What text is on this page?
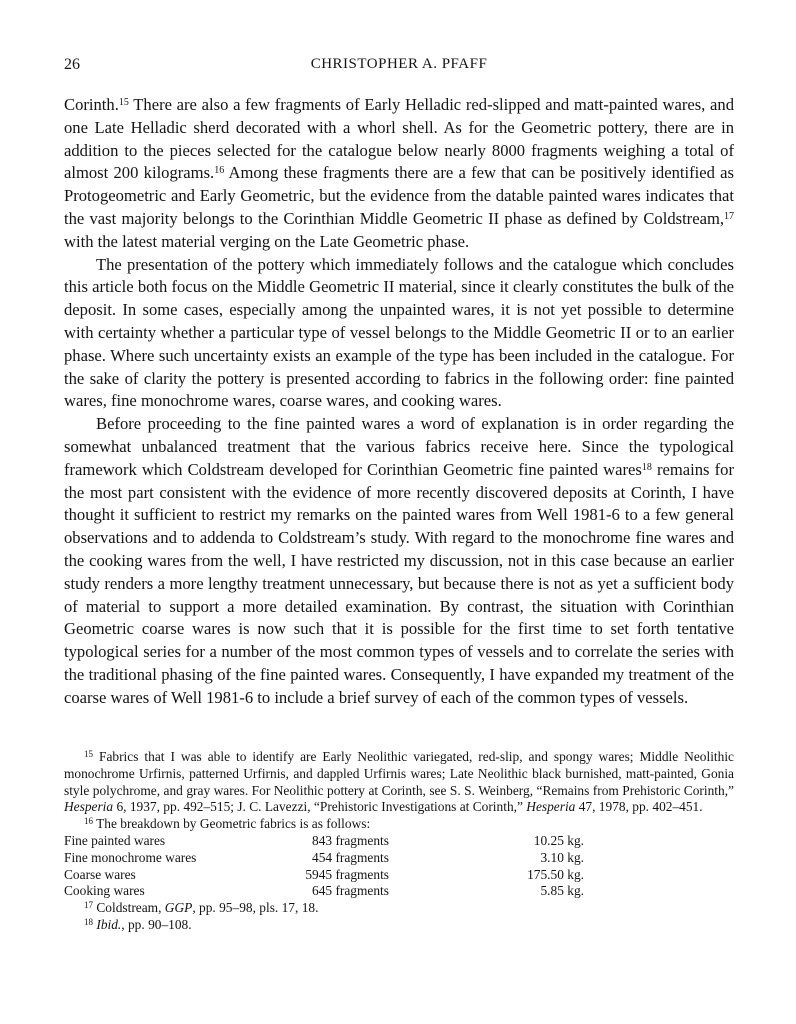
26	CHRISTOPHER A. PFAFF

Corinth.$^{15}$ There are also a few fragments of Early Helladic red-slipped and matt-painted wares, and one Late Helladic sherd decorated with a whorl shell. As for the Geometric pottery, there are in addition to the pieces selected for the catalogue below nearly 8000 fragments weighing a total of almost 200 kilograms.$^{16}$ Among these fragments there are a few that can be positively identified as Protogeometric and Early Geometric, but the evidence from the datable painted wares indicates that the vast majority belongs to the Corinthian Middle Geometric II phase as defined by Coldstream,$^{17}$ with the latest material verging on the Late Geometric phase.

The presentation of the pottery which immediately follows and the catalogue which concludes this article both focus on the Middle Geometric II material, since it clearly constitutes the bulk of the deposit. In some cases, especially among the unpainted wares, it is not yet possible to determine with certainty whether a particular type of vessel belongs to the Middle Geometric II or to an earlier phase. Where such uncertainty exists an example of the type has been included in the catalogue. For the sake of clarity the pottery is presented according to fabrics in the following order: fine painted wares, fine monochrome wares, coarse wares, and cooking wares.

Before proceeding to the fine painted wares a word of explanation is in order regarding the somewhat unbalanced treatment that the various fabrics receive here. Since the typological framework which Coldstream developed for Corinthian Geometric fine painted wares$^{18}$ remains for the most part consistent with the evidence of more recently discovered deposits at Corinth, I have thought it sufficient to restrict my remarks on the painted wares from Well 1981-6 to a few general observations and to addenda to Coldstream’s study. With regard to the monochrome fine wares and the cooking wares from the well, I have restricted my discussion, not in this case because an earlier study renders a more lengthy treatment unnecessary, but because there is not as yet a sufficient body of material to support a more detailed examination. By contrast, the situation with Corinthian Geometric coarse wares is now such that it is possible for the first time to set forth tentative typological series for a number of the most common types of vessels and to correlate the series with the traditional phasing of the fine painted wares. Consequently, I have expanded my treatment of the coarse wares of Well 1981-6 to include a brief survey of each of the common types of vessels.

$^{15}$ Fabrics that I was able to identify are Early Neolithic variegated, red-slip, and spongy wares; Middle Neolithic monochrome Urfirnis, patterned Urfirnis, and dappled Urfirnis wares; Late Neolithic black burnished, matt-painted, Gonia style polychrome, and gray wares. For Neolithic pottery at Corinth, see S. S. Weinberg, “Remains from Prehistoric Corinth,” Hesperia 6, 1937, pp. 492–515; J. C. Lavezzi, “Prehistoric Investigations at Corinth,” Hesperia 47, 1978, pp. 402–451.

$^{16}$ The breakdown by Geometric fabrics is as follows:

Fine painted wares	843 fragments	10.25 kg.
Fine monochrome wares	454 fragments	3.10 kg.
Coarse wares	5945 fragments	175.50 kg.
Cooking wares	645 fragments	5.85 kg.

$^{17}$ Coldstream, GGP, pp. 95–98, pls. 17, 18.

$^{18}$ Ibid., pp. 90–108.
